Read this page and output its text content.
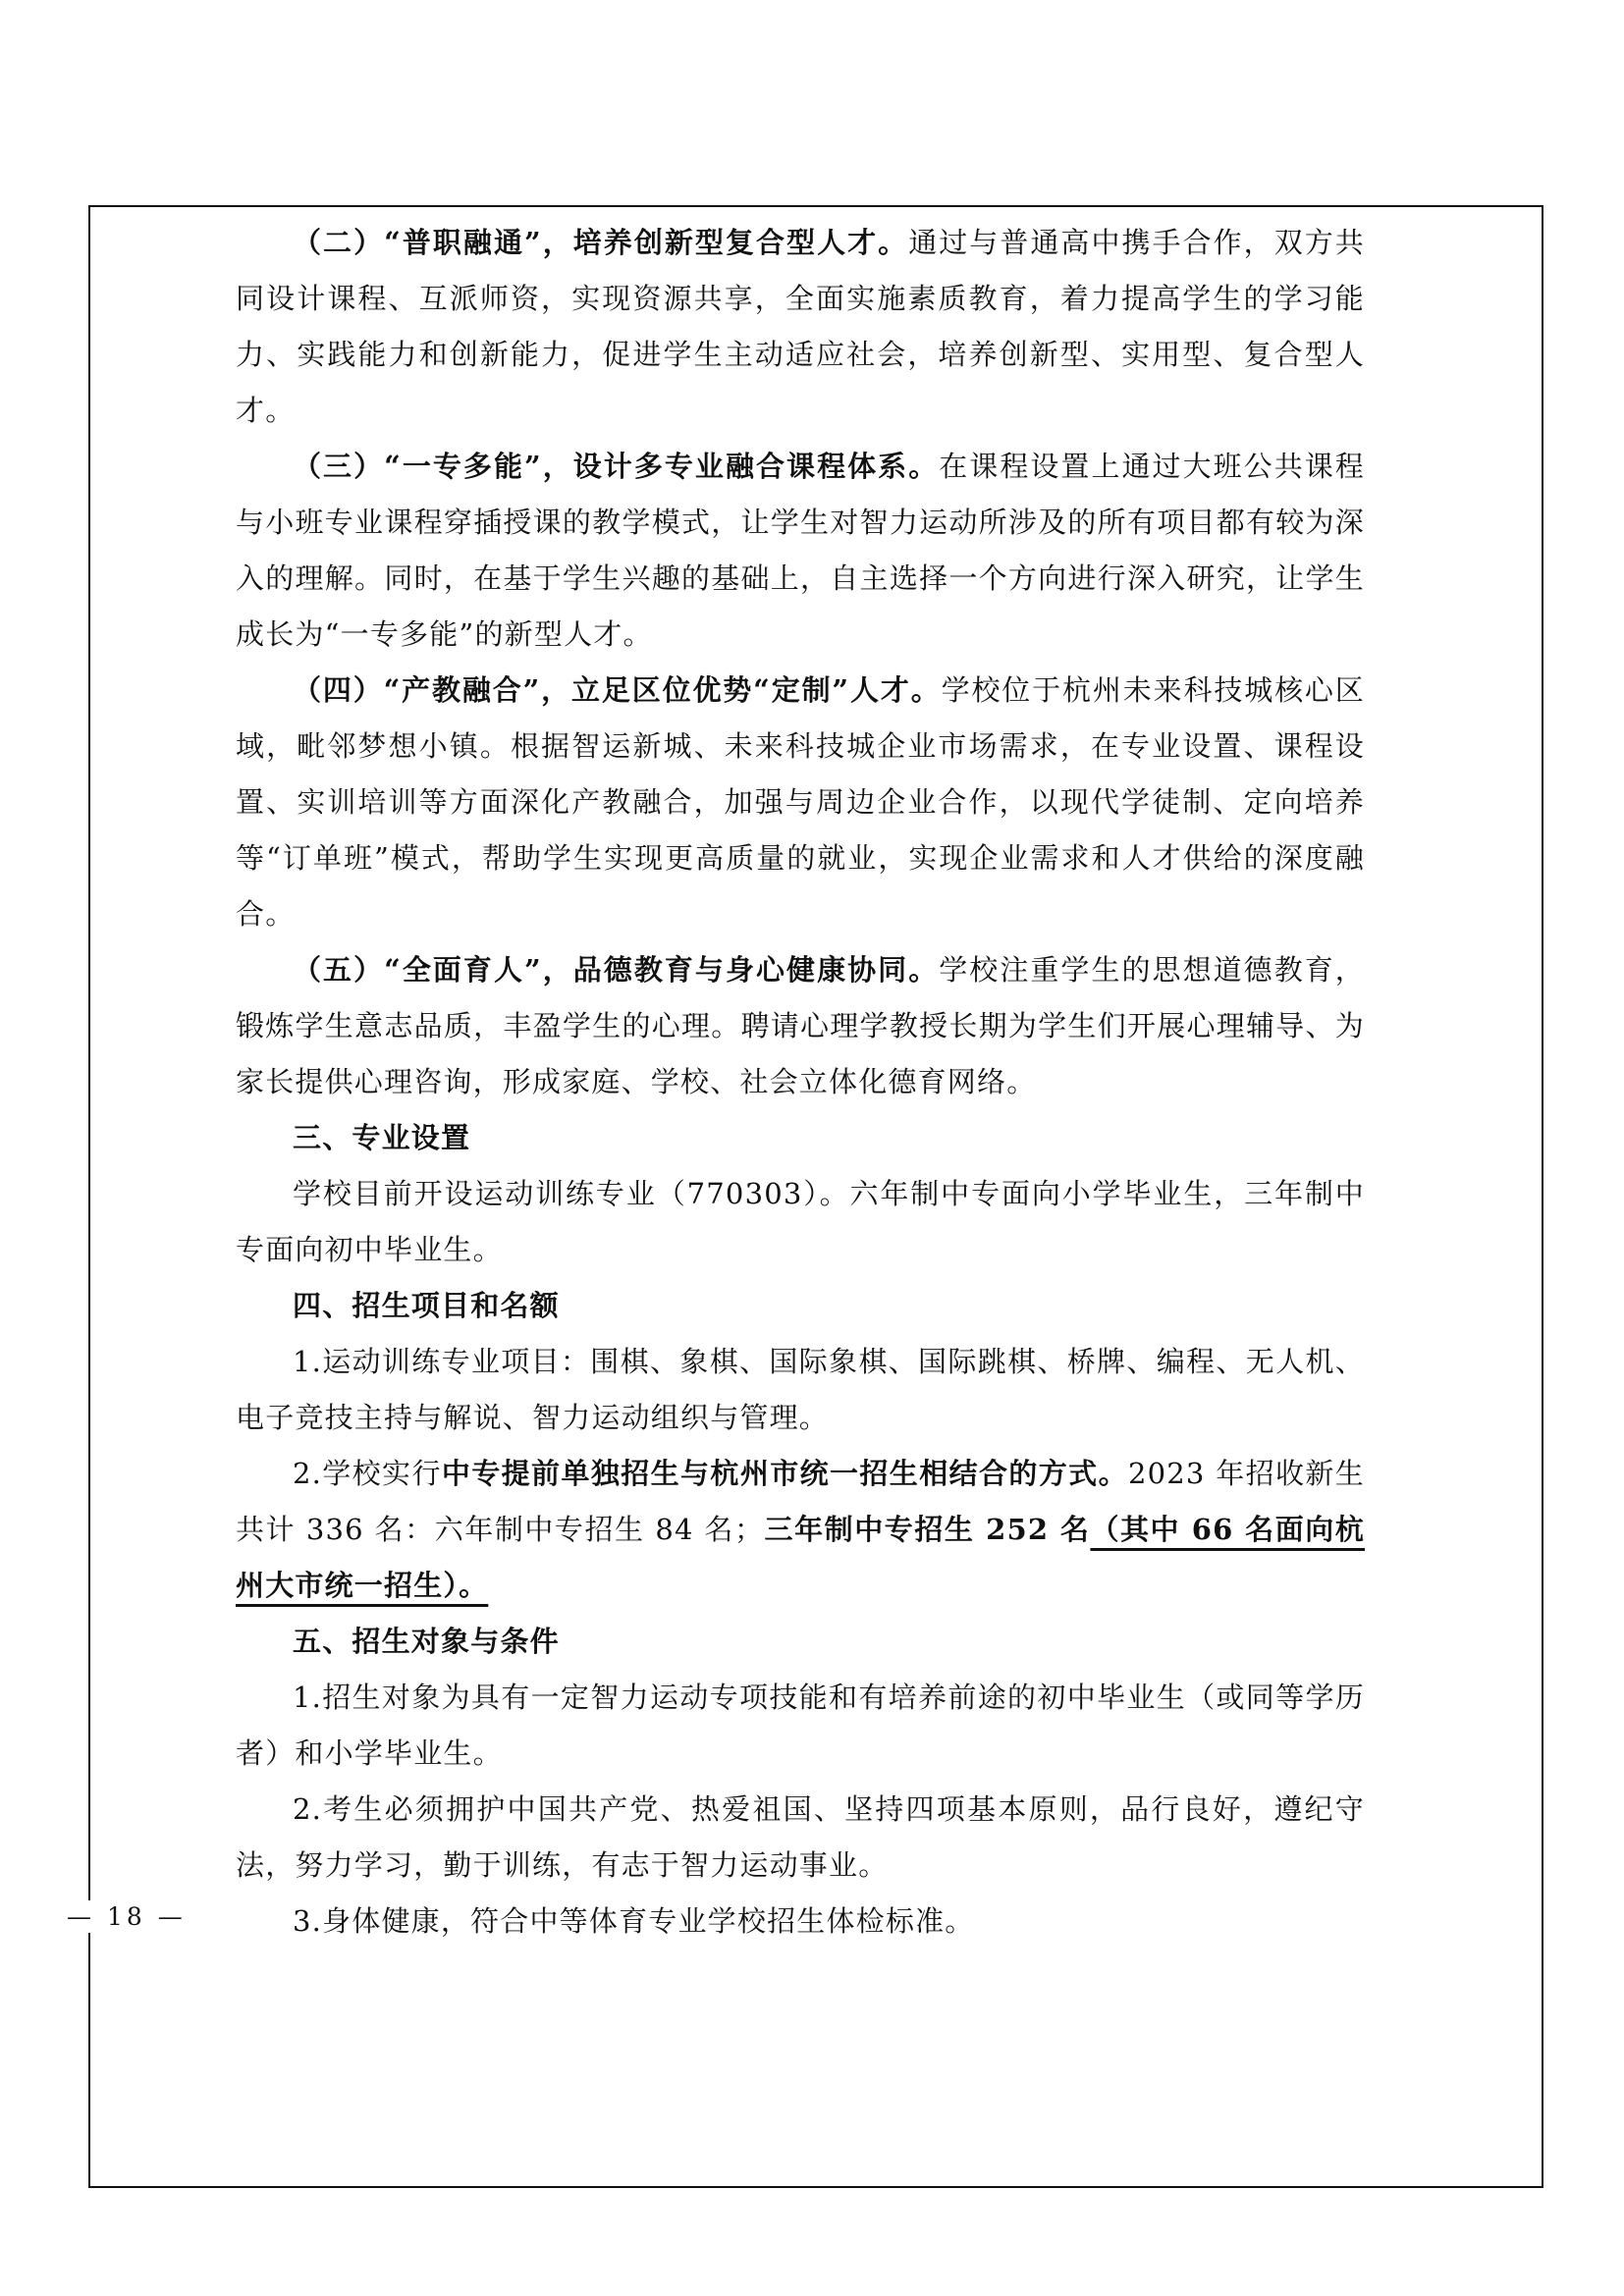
（二）“普职融通”，培养创新型复合型人才。通过与普通高中携手合作，双方共同设计课程、互派师资，实现资源共享，全面实施素质教育，着力提高学生的学习能力、实践能力和创新能力，促进学生主动适应社会，培养创新型、实用型、复合型人才。

（三）“一专多能”，设计多专业融合课程体系。在课程设置上通过大班公共课程与小班专业课程穿插授课的教学模式，让学生对智力运动所涉及的所有项目都有较为深入的理解。同时，在基于学生兴趣的基础上，自主选择一个方向进行深入研究，让学生成长为“一专多能”的新型人才。

（四）“产教融合”，立足区位优势“定制”人才。学校位于杭州未来科技城核心区域，毗邻梦想小镇。根据智运新城、未来科技城企业市场需求，在专业设置、课程设置、实训培训等方面深化产教融合，加强与周边企业合作，以现代学徒制、定向培养等“订单班”模式，帮助学生实现更高质量的就业，实现企业需求和人才供给的深度融合。

（五）“全面育人”，品德教育与身心健康协同。学校注重学生的思想道德教育，锻炼学生意志品质，丰盈学生的心理。聘请心理学教授长期为学生们开展心理辅导、为家长提供心理咨询，形成家庭、学校、社会立体化德育网络。

三、专业设置

学校目前开设运动训练专业（770303）。六年制中专面向小学毕业生，三年制中专面向初中毕业生。

四、招生项目和名额

1.运动训练专业项目：围棋、象棋、国际象棋、国际跳棋、桥牌、编程、无人机、电子竞技主持与解说、智力运动组织与管理。

2.学校实行中专提前单独招生与杭州市统一招生相结合的方式。2023 年招收新生共计 336 名：六年制中专招生 84 名；三年制中专招生 252 名（其中 66 名面向杭州大市统一招生）。

五、招生对象与条件

1.招生对象为具有一定智力运动专项技能和有培养前途的初中毕业生（或同等学历者）和小学毕业生。

2.考生必须拥护中国共产党、热爱祖国、坚持四项基本原则，品行良好，遵纪守法，努力学习，勤于训练，有志于智力运动事业。

3.身体健康，符合中等体育专业学校招生体检标准。

— 18 —
